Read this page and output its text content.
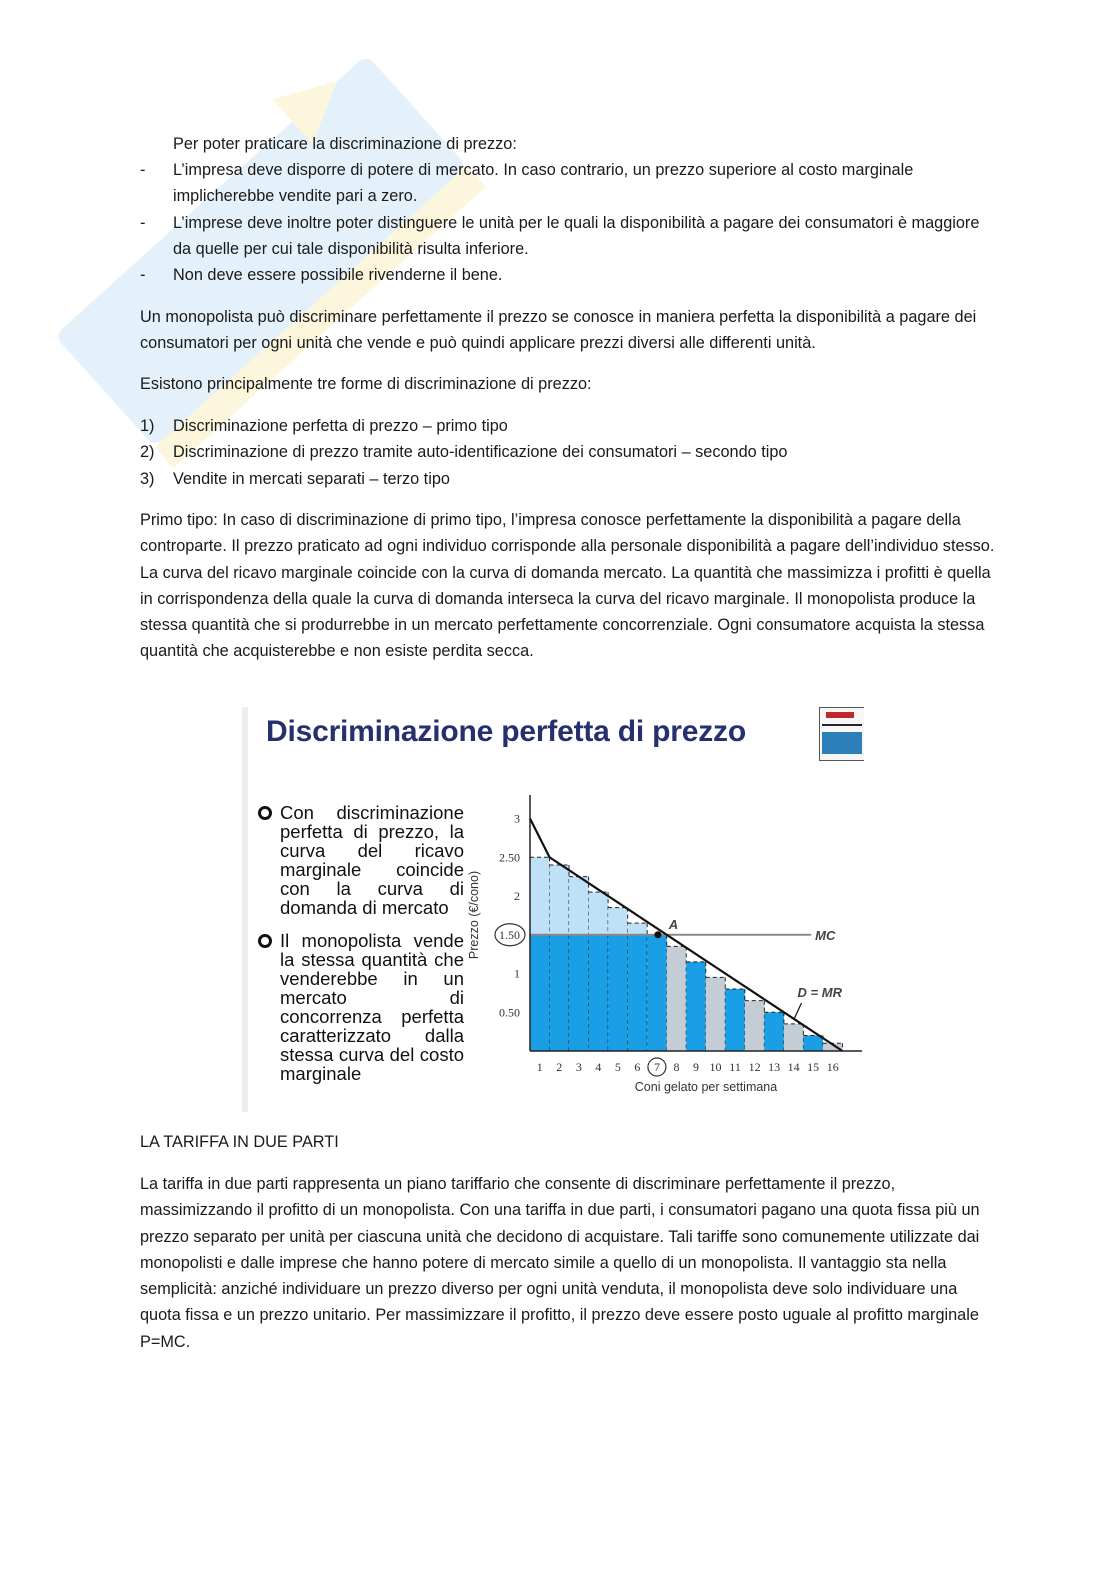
Per poter praticare la discriminazione di prezzo:
- L’impresa deve disporre di potere di mercato. In caso contrario, un prezzo superiore al costo marginale implicherebbe vendite pari a zero.
- L’imprese deve inoltre poter distinguere le unità per le quali la disponibilità a pagare dei consumatori è maggiore da quelle per cui tale disponibilità risulta inferiore.
- Non deve essere possibile rivenderne il bene.

Un monopolista può discriminare perfettamente il prezzo se conosce in maniera perfetta la disponibilità a pagare dei consumatori per ogni unità che vende e può quindi applicare prezzi diversi alle differenti unità.

Esistono principalmente tre forme di discriminazione di prezzo:

1) Discriminazione perfetta di prezzo – primo tipo
2) Discriminazione di prezzo tramite auto-identificazione dei consumatori – secondo tipo
3) Vendite in mercati separati – terzo tipo

Primo tipo: In caso di discriminazione di primo tipo, l’impresa conosce perfettamente la disponibilità a pagare della controparte. Il prezzo praticato ad ogni individuo corrisponde alla personale disponibilità a pagare dell’individuo stesso. La curva del ricavo marginale coincide con la curva di domanda mercato. La quantità che massimizza i profitti è quella in corrispondenza della quale la curva di domanda interseca la curva del ricavo marginale. Il monopolista produce la stessa quantità che si produrrebbe in un mercato perfettamente concorrenziale. Ogni consumatore acquista la stessa quantità che acquisterebbe e non esiste perdita secca.

Discriminazione perfetta di prezzo
Con discriminazione perfetta di prezzo, la curva del ricavo marginale coincide con la curva di domanda di mercato
Il monopolista vende la stessa quantità che venderebbe in un mercato di concorrenza perfetta caratterizzato dalla stessa curva del costo marginale
3
2.50
2
1.50
1
0.50
1 2 3 4 5 6 7 8 9 10 11 12 13 14 15 16
A
MC
D = MR
Prezzo (€/cono)
Coni gelato per settimana
LA TARIFFA IN DUE PARTI

La tariffa in due parti rappresenta un piano tariffario che consente di discriminare perfettamente il prezzo, massimizzando il profitto di un monopolista. Con una tariffa in due parti, i consumatori pagano una quota fissa più un prezzo separato per unità per ciascuna unità che decidono di acquistare. Tali tariffe sono comunemente utilizzate dai monopolisti e dalle imprese che hanno potere di mercato simile a quello di un monopolista. Il vantaggio sta nella semplicità: anziché individuare un prezzo diverso per ogni unità venduta, il monopolista deve solo individuare una quota fissa e un prezzo unitario. Per massimizzare il profitto, il prezzo deve essere posto uguale al profitto marginale P=MC.
